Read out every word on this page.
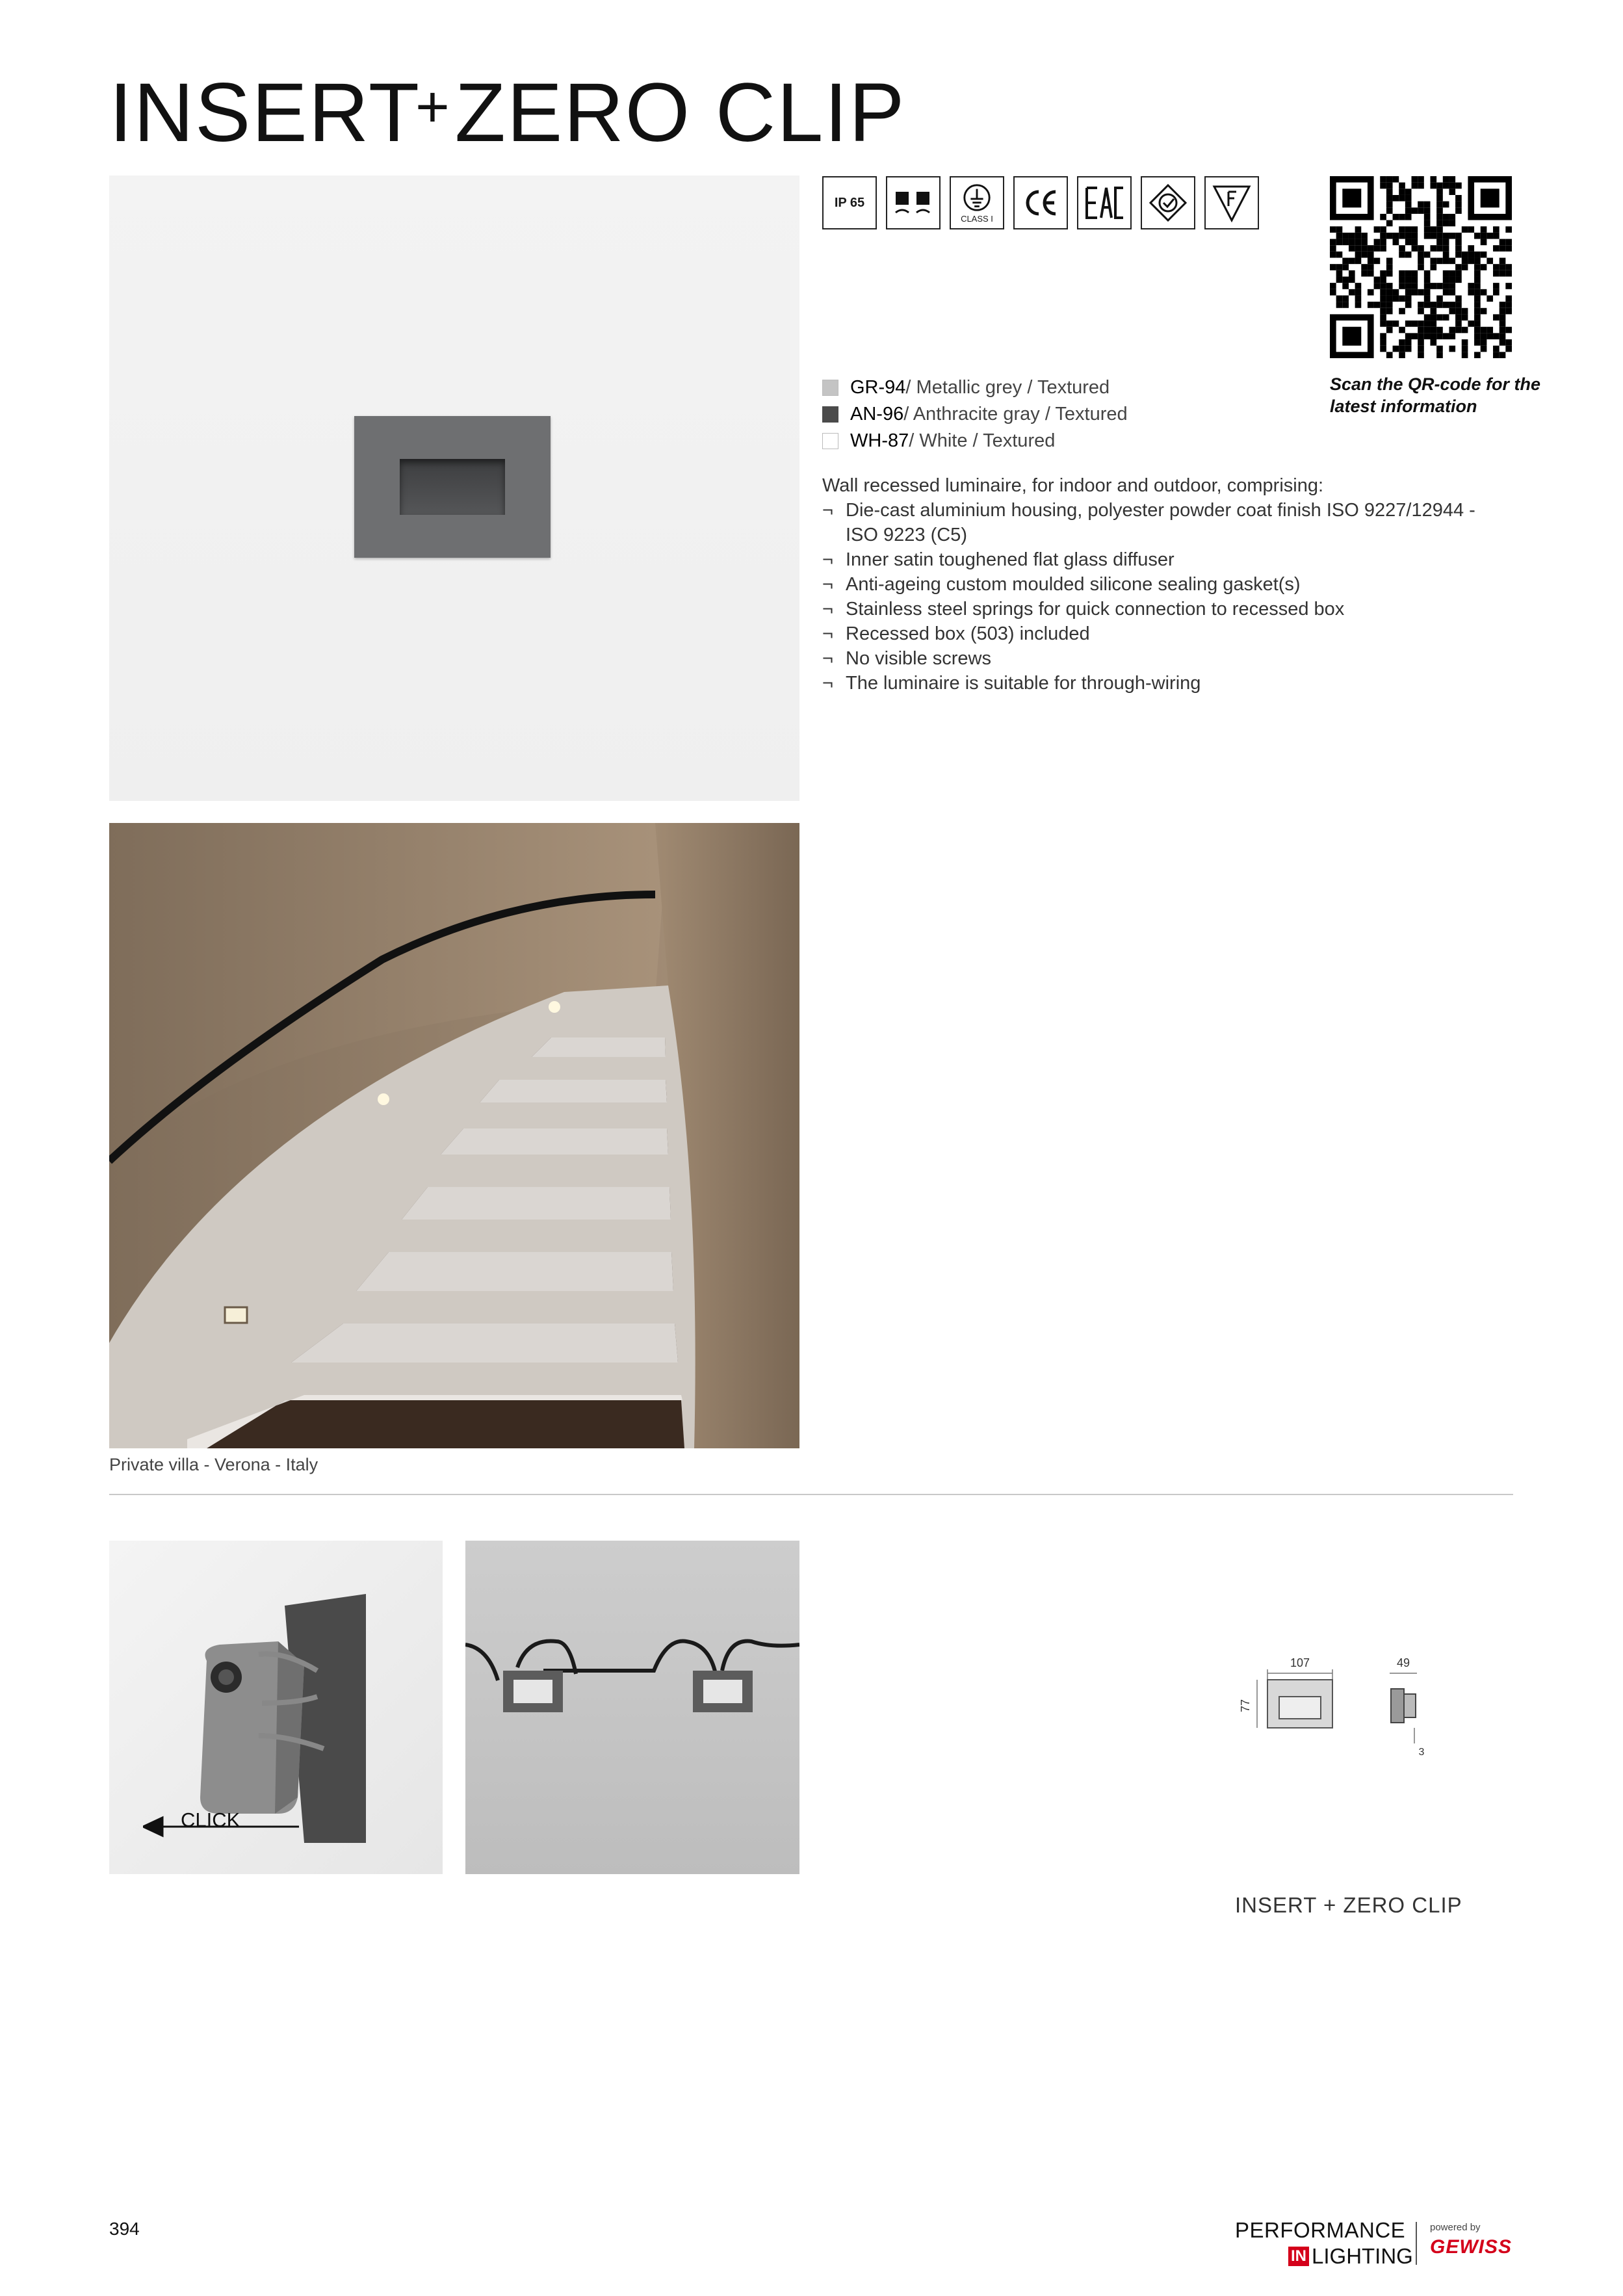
INSERT+ZERO CLIP
IP 65
CLASS I
Scan the QR-code for the latest information
GR-94 / Metallic grey / Textured
AN-96 / Anthracite gray / Textured
WH-87 / White / Textured
Wall recessed luminaire, for indoor and outdoor, comprising:
¬ Die-cast aluminium housing, polyester powder coat finish ISO 9227/12944 - ISO 9223 (C5)
¬ Inner satin toughened flat glass diffuser
¬ Anti-ageing custom moulded silicone sealing gasket(s)
¬ Stainless steel springs for quick connection to recessed box
¬ Recessed box (503) included
¬ No visible screws
¬ The luminaire is suitable for through-wiring
Private villa - Verona - Italy
CLICK
107
77
49
3
INSERT + ZERO CLIP
394	PERFORMANCE
IN LIGHTING
powered by
GEWISS
